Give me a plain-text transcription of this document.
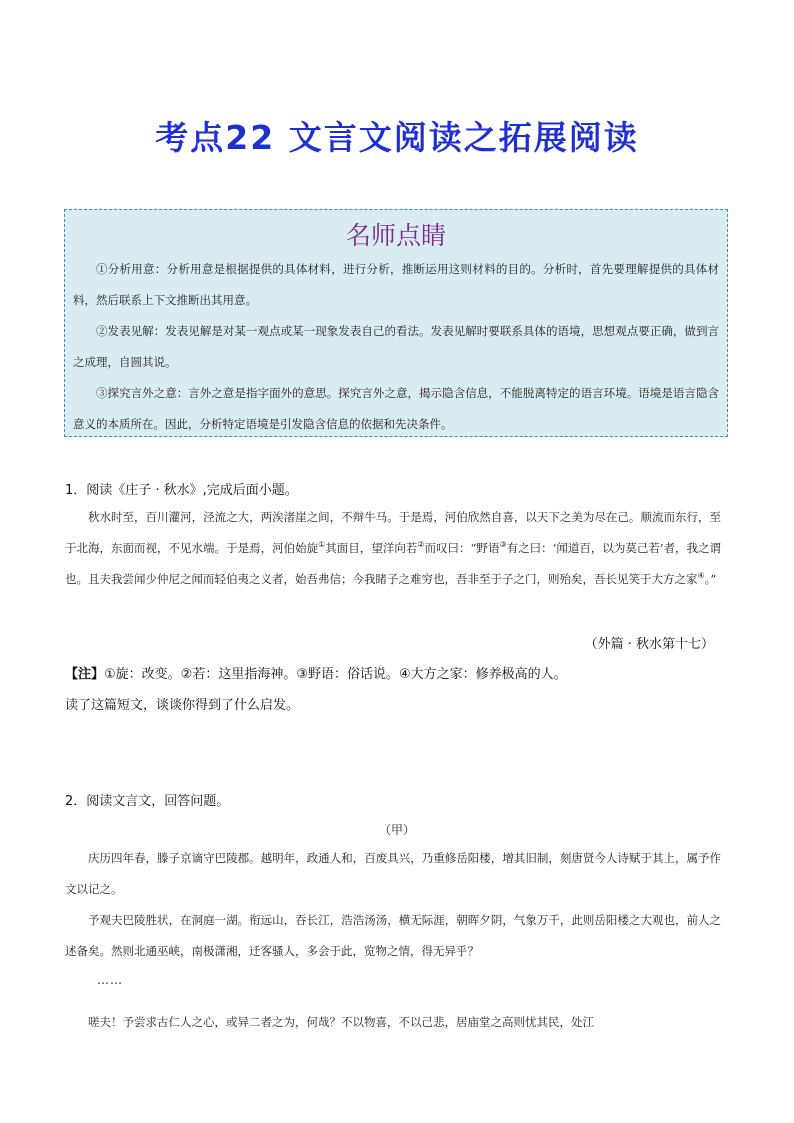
考点22 文言文阅读之拓展阅读
名师点睛
①分析用意：分析用意是根据提供的具体材料，进行分析，推断运用这则材料的目的。分析时，首先要理解提供的具体材料，然后联系上下文推断出其用意。
②发表见解：发表见解是对某一观点或某一现象发表自己的看法。发表见解时要联系具体的语境，思想观点要正确，做到言之成理，自圆其说。
③探究言外之意：言外之意是指字面外的意思。探究言外之意，揭示隐含信息，不能脱离特定的语言环境。语境是语言隐含意义的本质所在。因此，分析特定语境是引发隐含信息的依据和先决条件。
1．阅读《庄子 · 秋水》,完成后面小题。
秋水时至，百川灌河，泾流之大，两涘渚崖之间，不辩牛马。于是焉，河伯欣然自喜，以天下之美为尽在己。顺流而东行，至于北海，东面而视，不见水端。于是焉，河伯始旋①其面目，望洋向若②而叹曰：“野语③有之曰：‘闻道百，以为莫己若’者，我之谓也。且夫我尝闻少仲尼之闻而轻伯夷之义者，始吾弗信；今我睹子之难穷也，吾非至于子之门，则殆矣，吾长见笑于大方之家④。”
（外篇 · 秋水第十七）
【注】①旋：改变。②若：这里指海神。③野语：俗话说。④大方之家：修养极高的人。
读了这篇短文，谈谈你得到了什么启发。
2．阅读文言文，回答问题。
（甲）
庆历四年春，滕子京谪守巴陵郡。越明年，政通人和，百废具兴，乃重修岳阳楼，增其旧制，刻唐贤今人诗赋于其上，属予作文以记之。
予观夫巴陵胜状，在洞庭一湖。衔远山，吞长江，浩浩汤汤，横无际涯，朝晖夕阴，气象万千，此则岳阳楼之大观也，前人之述备矣。然则北通巫峡，南极潇湘，迁客骚人，多会于此，览物之情，得无异乎？
……
嗟夫！予尝求古仁人之心，或异二者之为，何哉？不以物喜，不以己悲，居庙堂之高则忧其民，处江
